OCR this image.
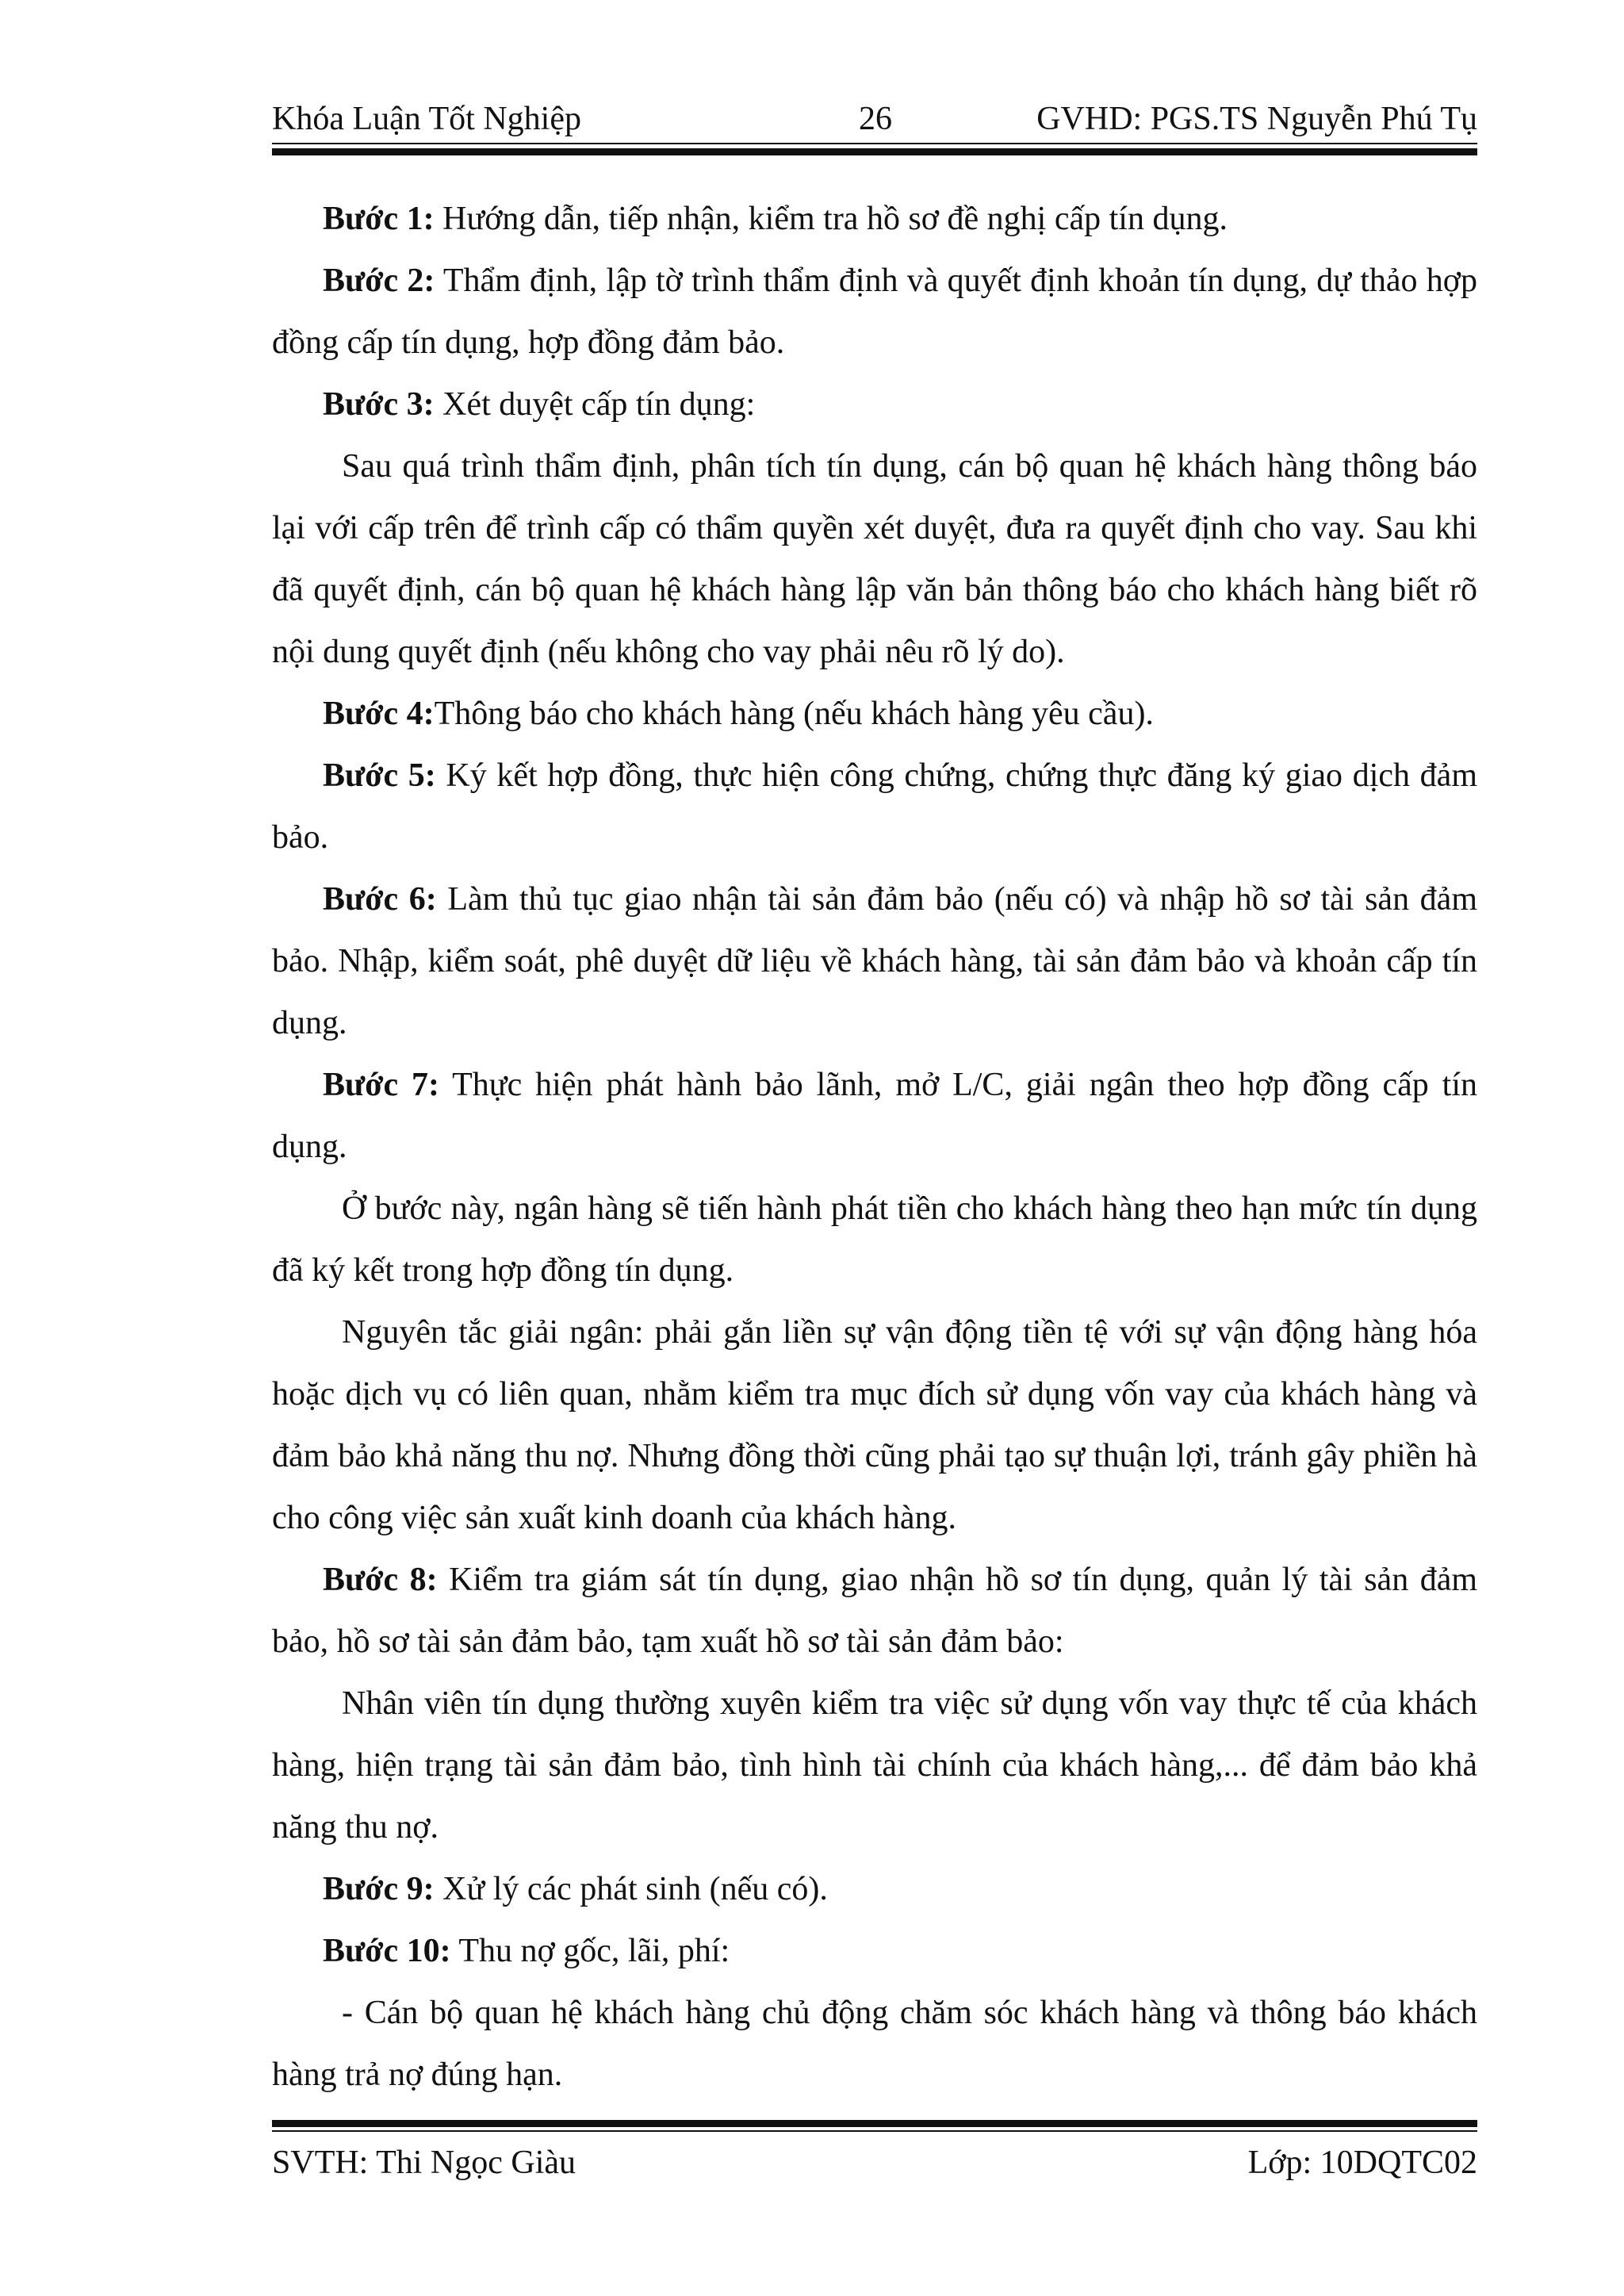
Khóa Luận Tốt Nghiệp	26	GVHD: PGS.TS Nguyễn Phú Tụ

Bước 1: Hướng dẫn, tiếp nhận, kiểm tra hồ sơ đề nghị cấp tín dụng.

Bước 2: Thẩm định, lập tờ trình thẩm định và quyết định khoản tín dụng, dự thảo hợp đồng cấp tín dụng, hợp đồng đảm bảo.

Bước 3: Xét duyệt cấp tín dụng:

Sau quá trình thẩm định, phân tích tín dụng, cán bộ quan hệ khách hàng thông báo lại với cấp trên để trình cấp có thẩm quyền xét duyệt, đưa ra quyết định cho vay. Sau khi đã quyết định, cán bộ quan hệ khách hàng lập văn bản thông báo cho khách hàng biết rõ nội dung quyết định (nếu không cho vay phải nêu rõ lý do).

Bước 4:Thông báo cho khách hàng (nếu khách hàng yêu cầu).

Bước 5: Ký kết hợp đồng, thực hiện công chứng, chứng thực đăng ký giao dịch đảm bảo.

Bước 6: Làm thủ tục giao nhận tài sản đảm bảo (nếu có) và nhập hồ sơ tài sản đảm bảo. Nhập, kiểm soát, phê duyệt dữ liệu về khách hàng, tài sản đảm bảo và khoản cấp tín dụng.

Bước 7: Thực hiện phát hành bảo lãnh, mở L/C, giải ngân theo hợp đồng cấp tín dụng.

Ở bước này, ngân hàng sẽ tiến hành phát tiền cho khách hàng theo hạn mức tín dụng đã ký kết trong hợp đồng tín dụng.

Nguyên tắc giải ngân: phải gắn liền sự vận động tiền tệ với sự vận động hàng hóa hoặc dịch vụ có liên quan, nhằm kiểm tra mục đích sử dụng vốn vay của khách hàng và đảm bảo khả năng thu nợ. Nhưng đồng thời cũng phải tạo sự thuận lợi, tránh gây phiền hà cho công việc sản xuất kinh doanh của khách hàng.

Bước 8: Kiểm tra giám sát tín dụng, giao nhận hồ sơ tín dụng, quản lý tài sản đảm bảo, hồ sơ tài sản đảm bảo, tạm xuất hồ sơ tài sản đảm bảo:

Nhân viên tín dụng thường xuyên kiểm tra việc sử dụng vốn vay thực tế của khách hàng, hiện trạng tài sản đảm bảo, tình hình tài chính của khách hàng,... để đảm bảo khả năng thu nợ.

Bước 9: Xử lý các phát sinh (nếu có).

Bước 10: Thu nợ gốc, lãi, phí:

- Cán bộ quan hệ khách hàng chủ động chăm sóc khách hàng và thông báo khách hàng trả nợ đúng hạn.

SVTH: Thi Ngọc Giàu	Lớp: 10DQTC02
